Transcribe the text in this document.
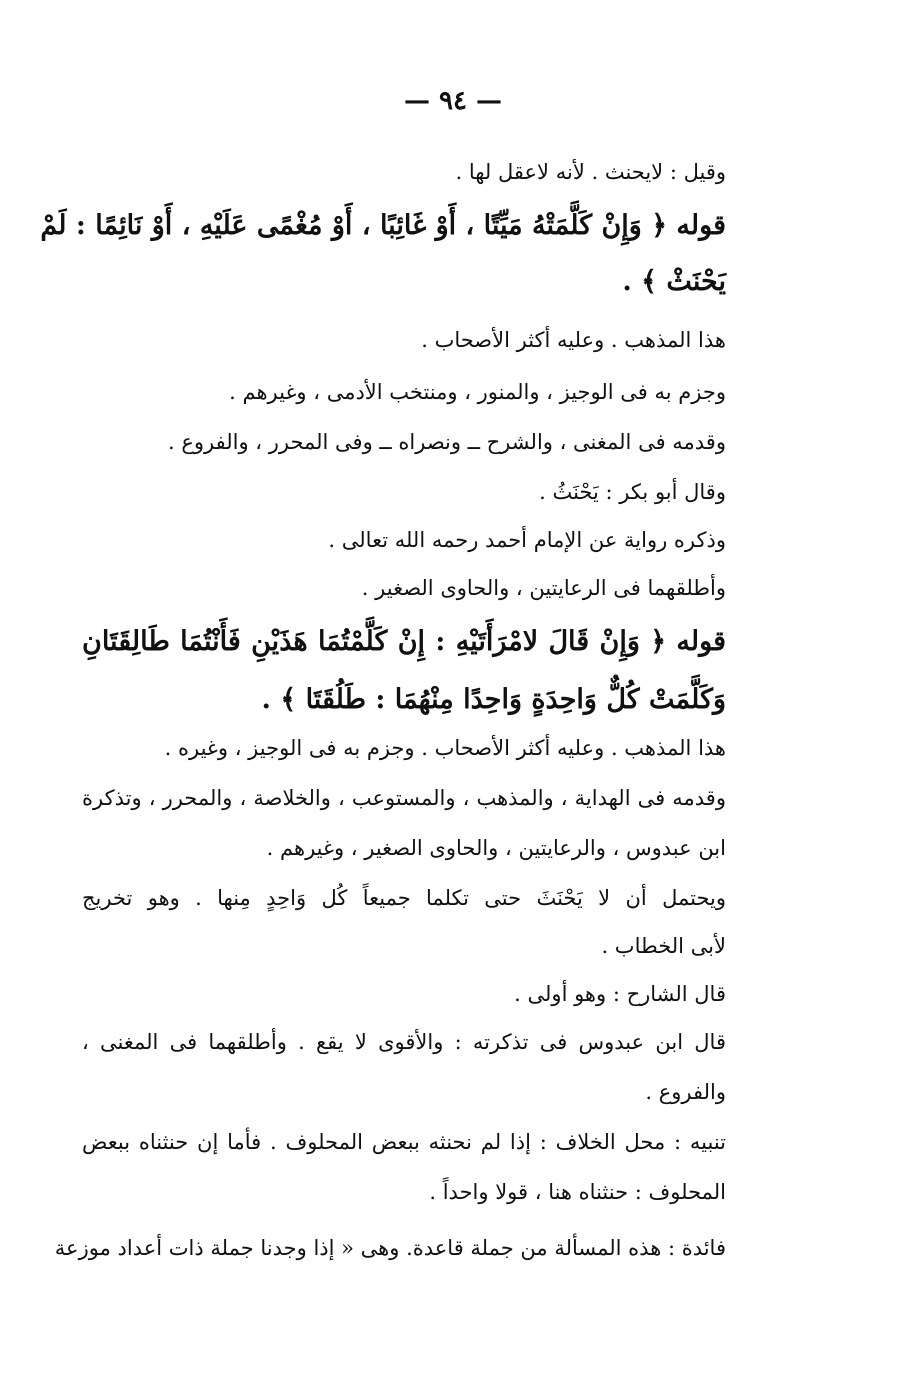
— ٩٤ —
وقيل : لايحنث . لأنه لاعقل لها .
قوله ﴿ وَإِنْ كَلَّمَتْهُ مَيِّتًا ، أَوْ غَائِبًا ، أَوْ مُغْمًى عَلَيْهِ ، أَوْ نَائِمًا : لَمْ
يَحْنَثْ ﴾ .
هذا المذهب . وعليه أكثر الأصحاب .
وجزم به فى الوجيز ، والمنور ، ومنتخب الأدمى ، وغيرهم .
وقدمه فى المغنى ، والشرح ــ ونصراه ــ وفى المحرر ، والفروع .
وقال أبو بكر : يَحْنَثُ .
وذكره رواية عن الإمام أحمد رحمه الله تعالى .
وأطلقهما فى الرعايتين ، والحاوى الصغير .
قوله ﴿ وَإِنْ قَالَ لامْرَأَتَيْهِ : إِنْ كَلَّمْتُمَا هَذَيْنِ فَأَنْتُمَا طَالِقَتَانِ
وَكَلَّمَتْ كُلٌّ وَاحِدَةٍ وَاحِدًا مِنْهُمَا : طَلُقَتَا ﴾ .
هذا المذهب . وعليه أكثر الأصحاب . وجزم به فى الوجيز ، وغيره .
وقدمه فى الهداية ، والمذهب ، والمستوعب ، والخلاصة ، والمحرر ، وتذكرة
ابن عبدوس ، والرعايتين ، والحاوى الصغير ، وغيرهم .
ويحتمل أن لا يَحْنَثَ حتى تكلما جميعاً كُل وَاحِدٍ مِنها . وهو تخريج
لأبى الخطاب .
قال الشارح : وهو أولى .
قال ابن عبدوس فى تذكرته : والأقوى لا يقع . وأطلقهما فى المغنى ،
والفروع .
تنبيه : محل الخلاف : إذا لم نحنثه ببعض المحلوف . فأما إن حنثناه ببعض
المحلوف : حنثناه هنا ، قولا واحداً .
فائدة : هذه المسألة من جملة قاعدة. وهى « إذا وجدنا جملة ذات أعداد موزعة
